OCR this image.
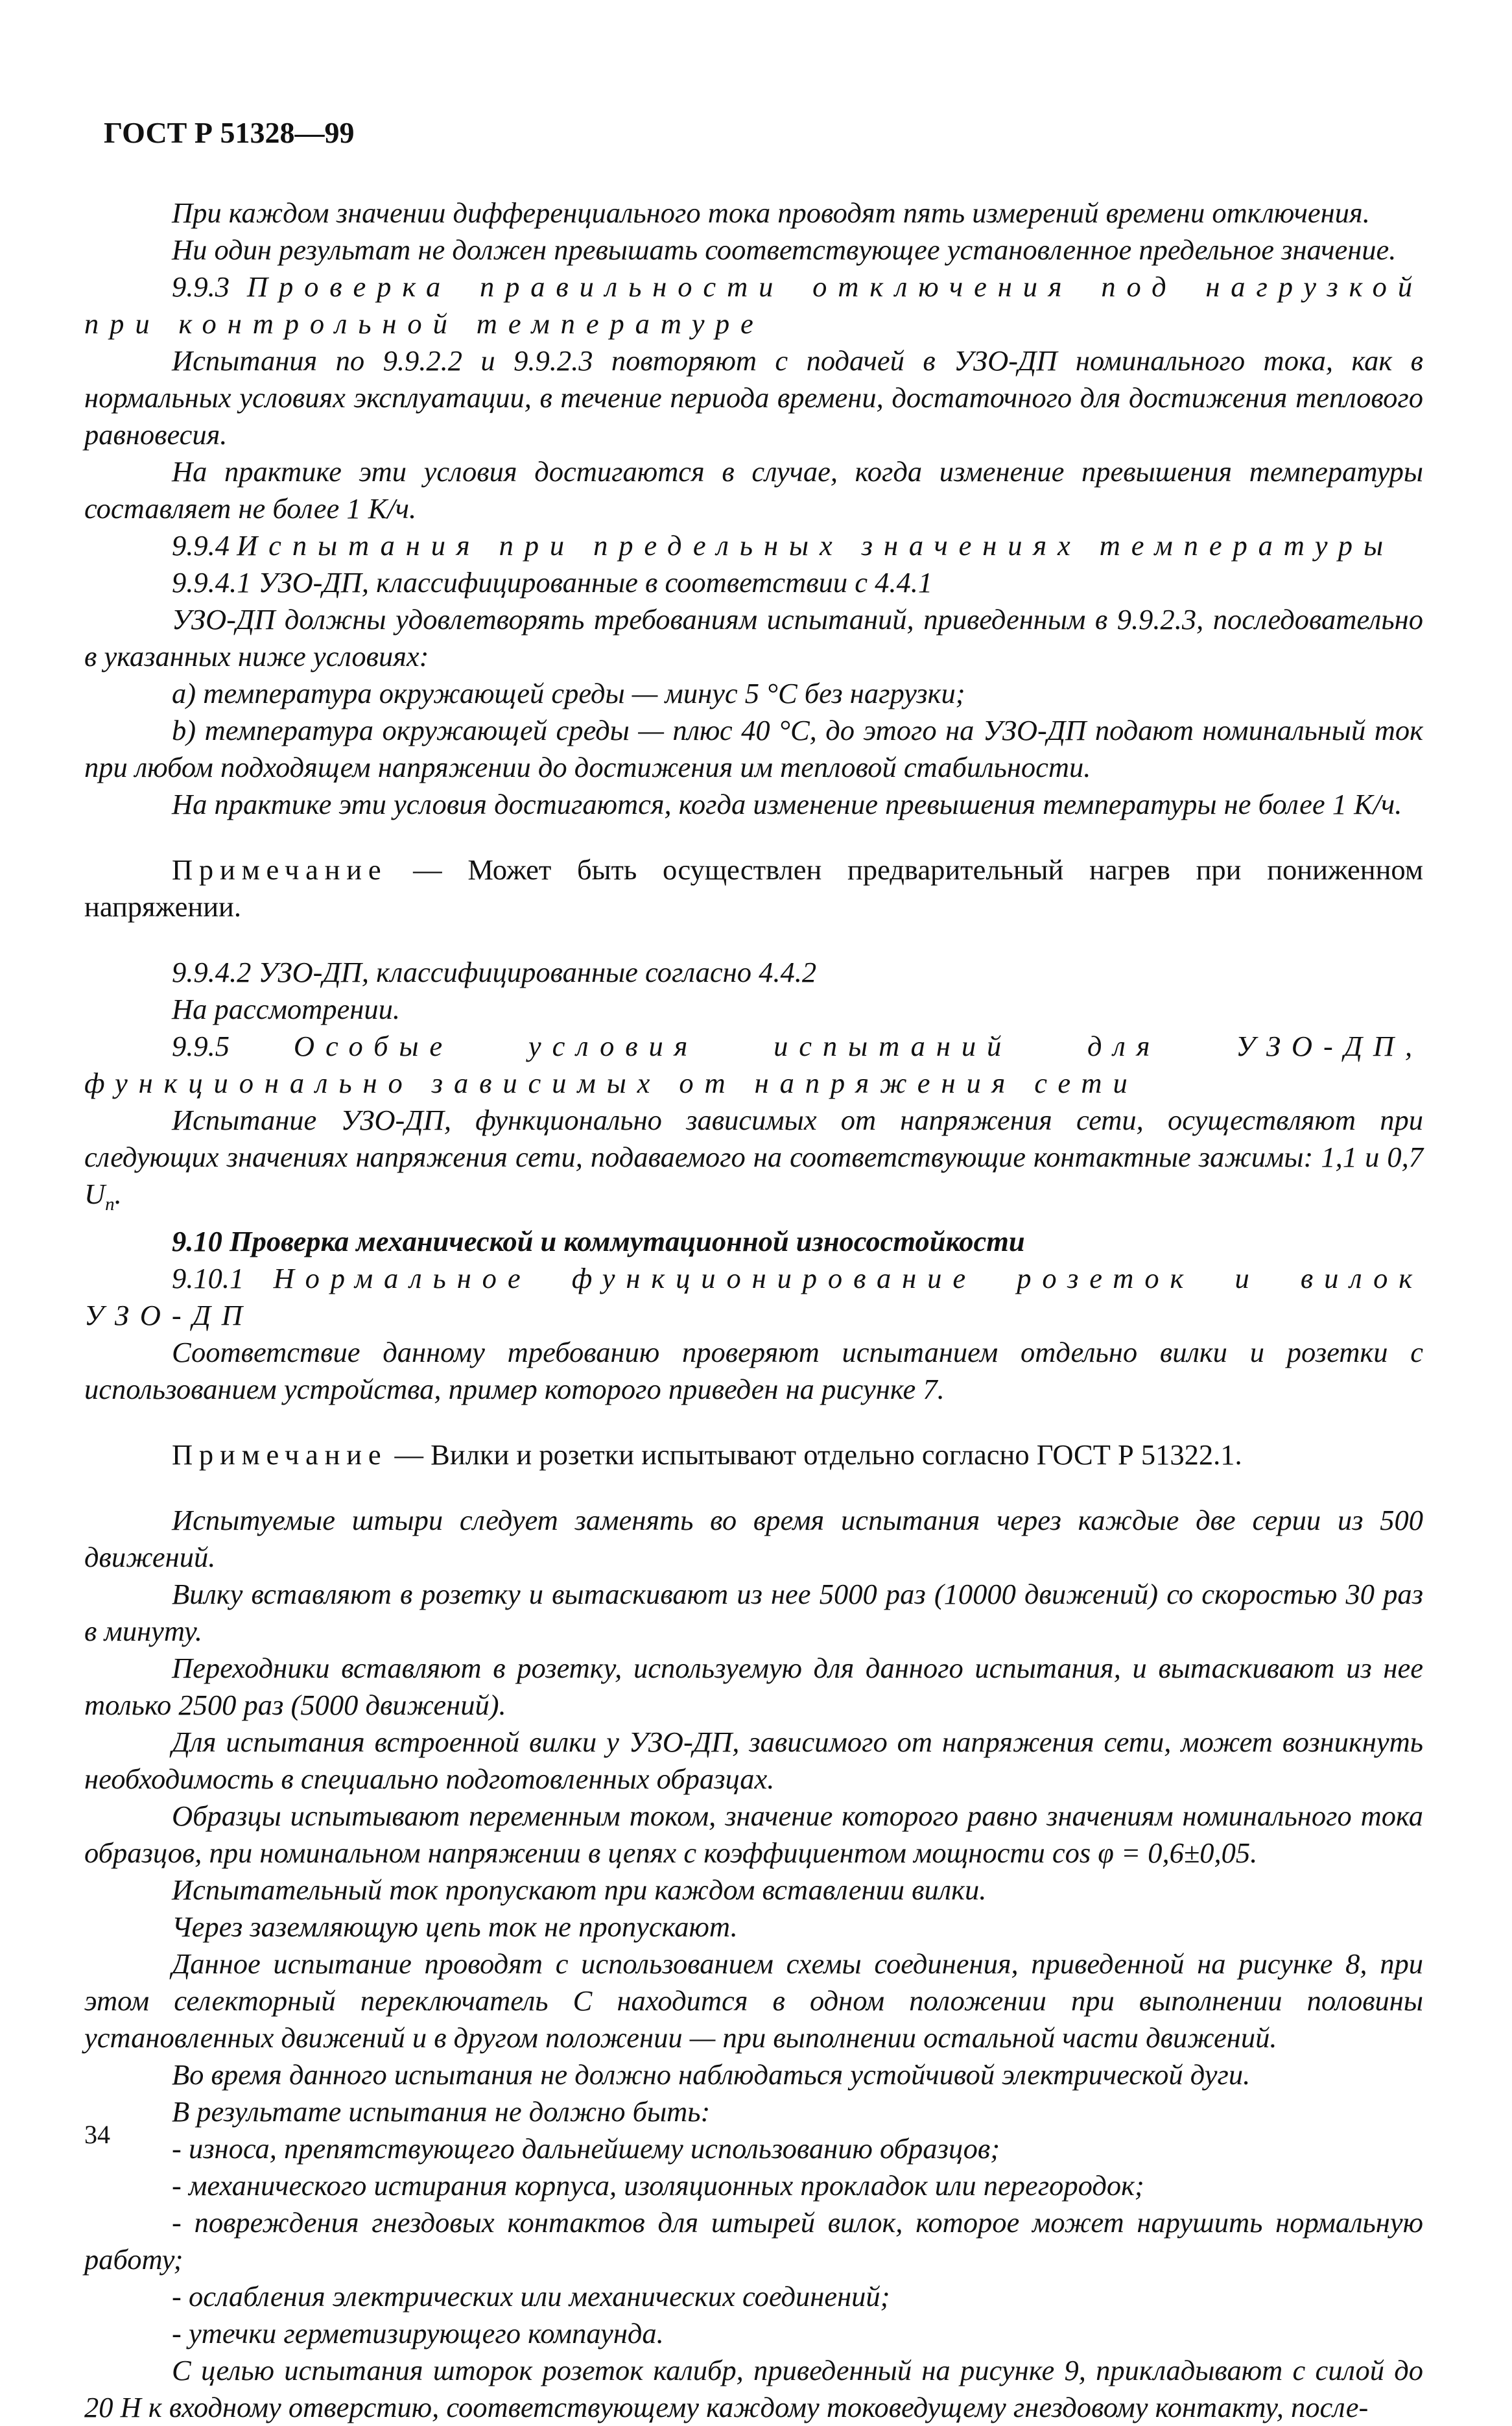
ГОСТ Р 51328—99

При каждом значении дифференциального тока проводят пять измерений времени отключения.

Ни один результат не должен превышать соответствующее установленное предельное значение.

9.9.3 Проверка правильности отключения под нагрузкой при контрольной температуре

Испытания по 9.9.2.2 и 9.9.2.3 повторяют с подачей в УЗО-ДП номинального тока, как в нормальных условиях эксплуатации, в течение периода времени, достаточного для достижения теплового равновесия.

На практике эти условия достигаются в случае, когда изменение превышения температуры составляет не более 1 К/ч.

9.9.4 Испытания при предельных значениях температуры

9.9.4.1 УЗО-ДП, классифицированные в соответствии с 4.4.1

УЗО-ДП должны удовлетворять требованиям испытаний, приведенным в 9.9.2.3, последовательно в указанных ниже условиях:

а) температура окружающей среды — минус 5 °С без нагрузки;

b) температура окружающей среды — плюс 40 °С, до этого на УЗО-ДП подают номинальный ток при любом подходящем напряжении до достижения им тепловой стабильности.

На практике эти условия достигаются, когда изменение превышения температуры не более 1 К/ч.

Примечание — Может быть осуществлен предварительный нагрев при пониженном напряжении.

9.9.4.2 УЗО-ДП, классифицированные согласно 4.4.2

На рассмотрении.

9.9.5 Особые условия испытаний для УЗО-ДП, функционально зависимых от напряжения сети

Испытание УЗО-ДП, функционально зависимых от напряжения сети, осуществляют при следующих значениях напряжения сети, подаваемого на соответствующие контактные зажимы: 1,1 и 0,7 $U_n$.

9.10 Проверка механической и коммутационной износостойкости

9.10.1 Нормальное функционирование розеток и вилок УЗО-ДП

Соответствие данному требованию проверяют испытанием отдельно вилки и розетки с использованием устройства, пример которого приведен на рисунке 7.

Примечание — Вилки и розетки испытывают отдельно согласно ГОСТ Р 51322.1.

Испытуемые штыри следует заменять во время испытания через каждые две серии из 500 движений.

Вилку вставляют в розетку и вытаскивают из нее 5000 раз (10000 движений) со скоростью 30 раз в минуту.

Переходники вставляют в розетку, используемую для данного испытания, и вытаскивают из нее только 2500 раз (5000 движений).

Для испытания встроенной вилки у УЗО-ДП, зависимого от напряжения сети, может возникнуть необходимость в специально подготовленных образцах.

Образцы испытывают переменным током, значение которого равно значениям номинального тока образцов, при номинальном напряжении в цепях с коэффициентом мощности cos φ = 0,6±0,05.

Испытательный ток пропускают при каждом вставлении вилки.

Через заземляющую цепь ток не пропускают.

Данное испытание проводят с использованием схемы соединения, приведенной на рисунке 8, при этом селекторный переключатель С находится в одном положении при выполнении половины установленных движений и в другом положении — при выполнении остальной части движений.

Во время данного испытания не должно наблюдаться устойчивой электрической дуги.

В результате испытания не должно быть:

- износа, препятствующего дальнейшему использованию образцов;

- механического истирания корпуса, изоляционных прокладок или перегородок;

- повреждения гнездовых контактов для штырей вилок, которое может нарушить нормальную работу;

- ослабления электрических или механических соединений;

- утечки герметизирующего компаунда.

С целью испытания шторок розеток калибр, приведенный на рисунке 9, прикладывают с силой до 20 Н к входному отверстию, соответствующему каждому токоведущему гнездовому контакту, после-

34
